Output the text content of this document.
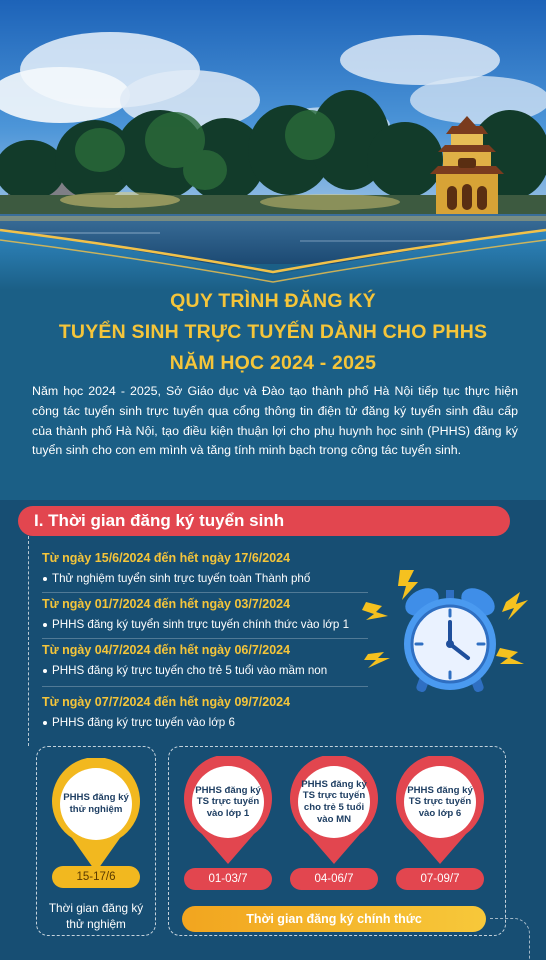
QUY TRÌNH ĐĂNG KÝ
TUYỂN SINH TRỰC TUYẾN DÀNH CHO PHHS
NĂM HỌC 2024 - 2025

Năm học 2024 - 2025, Sở Giáo dục và Đào tạo thành phố Hà Nội tiếp tục thực hiện công tác tuyển sinh trực tuyến qua cổng thông tin điện tử đăng ký tuyển sinh đầu cấp của thành phố Hà Nội, tạo điều kiện thuận lợi cho phụ huynh học sinh (PHHS) đăng ký tuyển sinh cho con em mình và tăng tính minh bạch trong công tác tuyển sinh.

I. Thời gian đăng ký tuyển sinh
Từ ngày 15/6/2024 đến hết ngày 17/6/2024
Thử nghiệm tuyển sinh trực tuyến toàn Thành phố
Từ ngày 01/7/2024 đến hết ngày 03/7/2024
PHHS đăng ký tuyển sinh trực tuyến chính thức vào lớp 1
Từ ngày 04/7/2024 đến hết ngày 06/7/2024
PHHS đăng ký trực tuyến cho trẻ 5 tuổi vào mầm non
Từ ngày 07/7/2024 đến hết ngày 09/7/2024
PHHS đăng ký trực tuyến vào lớp 6
PHHS đăng ký thử nghiệm
15-17/6
Thời gian đăng ký thử nghiệm
PHHS đăng ký TS trực tuyến vào lớp 1
01-03/7
PHHS đăng ký TS trực tuyến cho trẻ 5 tuổi vào MN
04-06/7
PHHS đăng ký TS trực tuyến vào lớp 6
07-09/7
Thời gian đăng ký chính thức
